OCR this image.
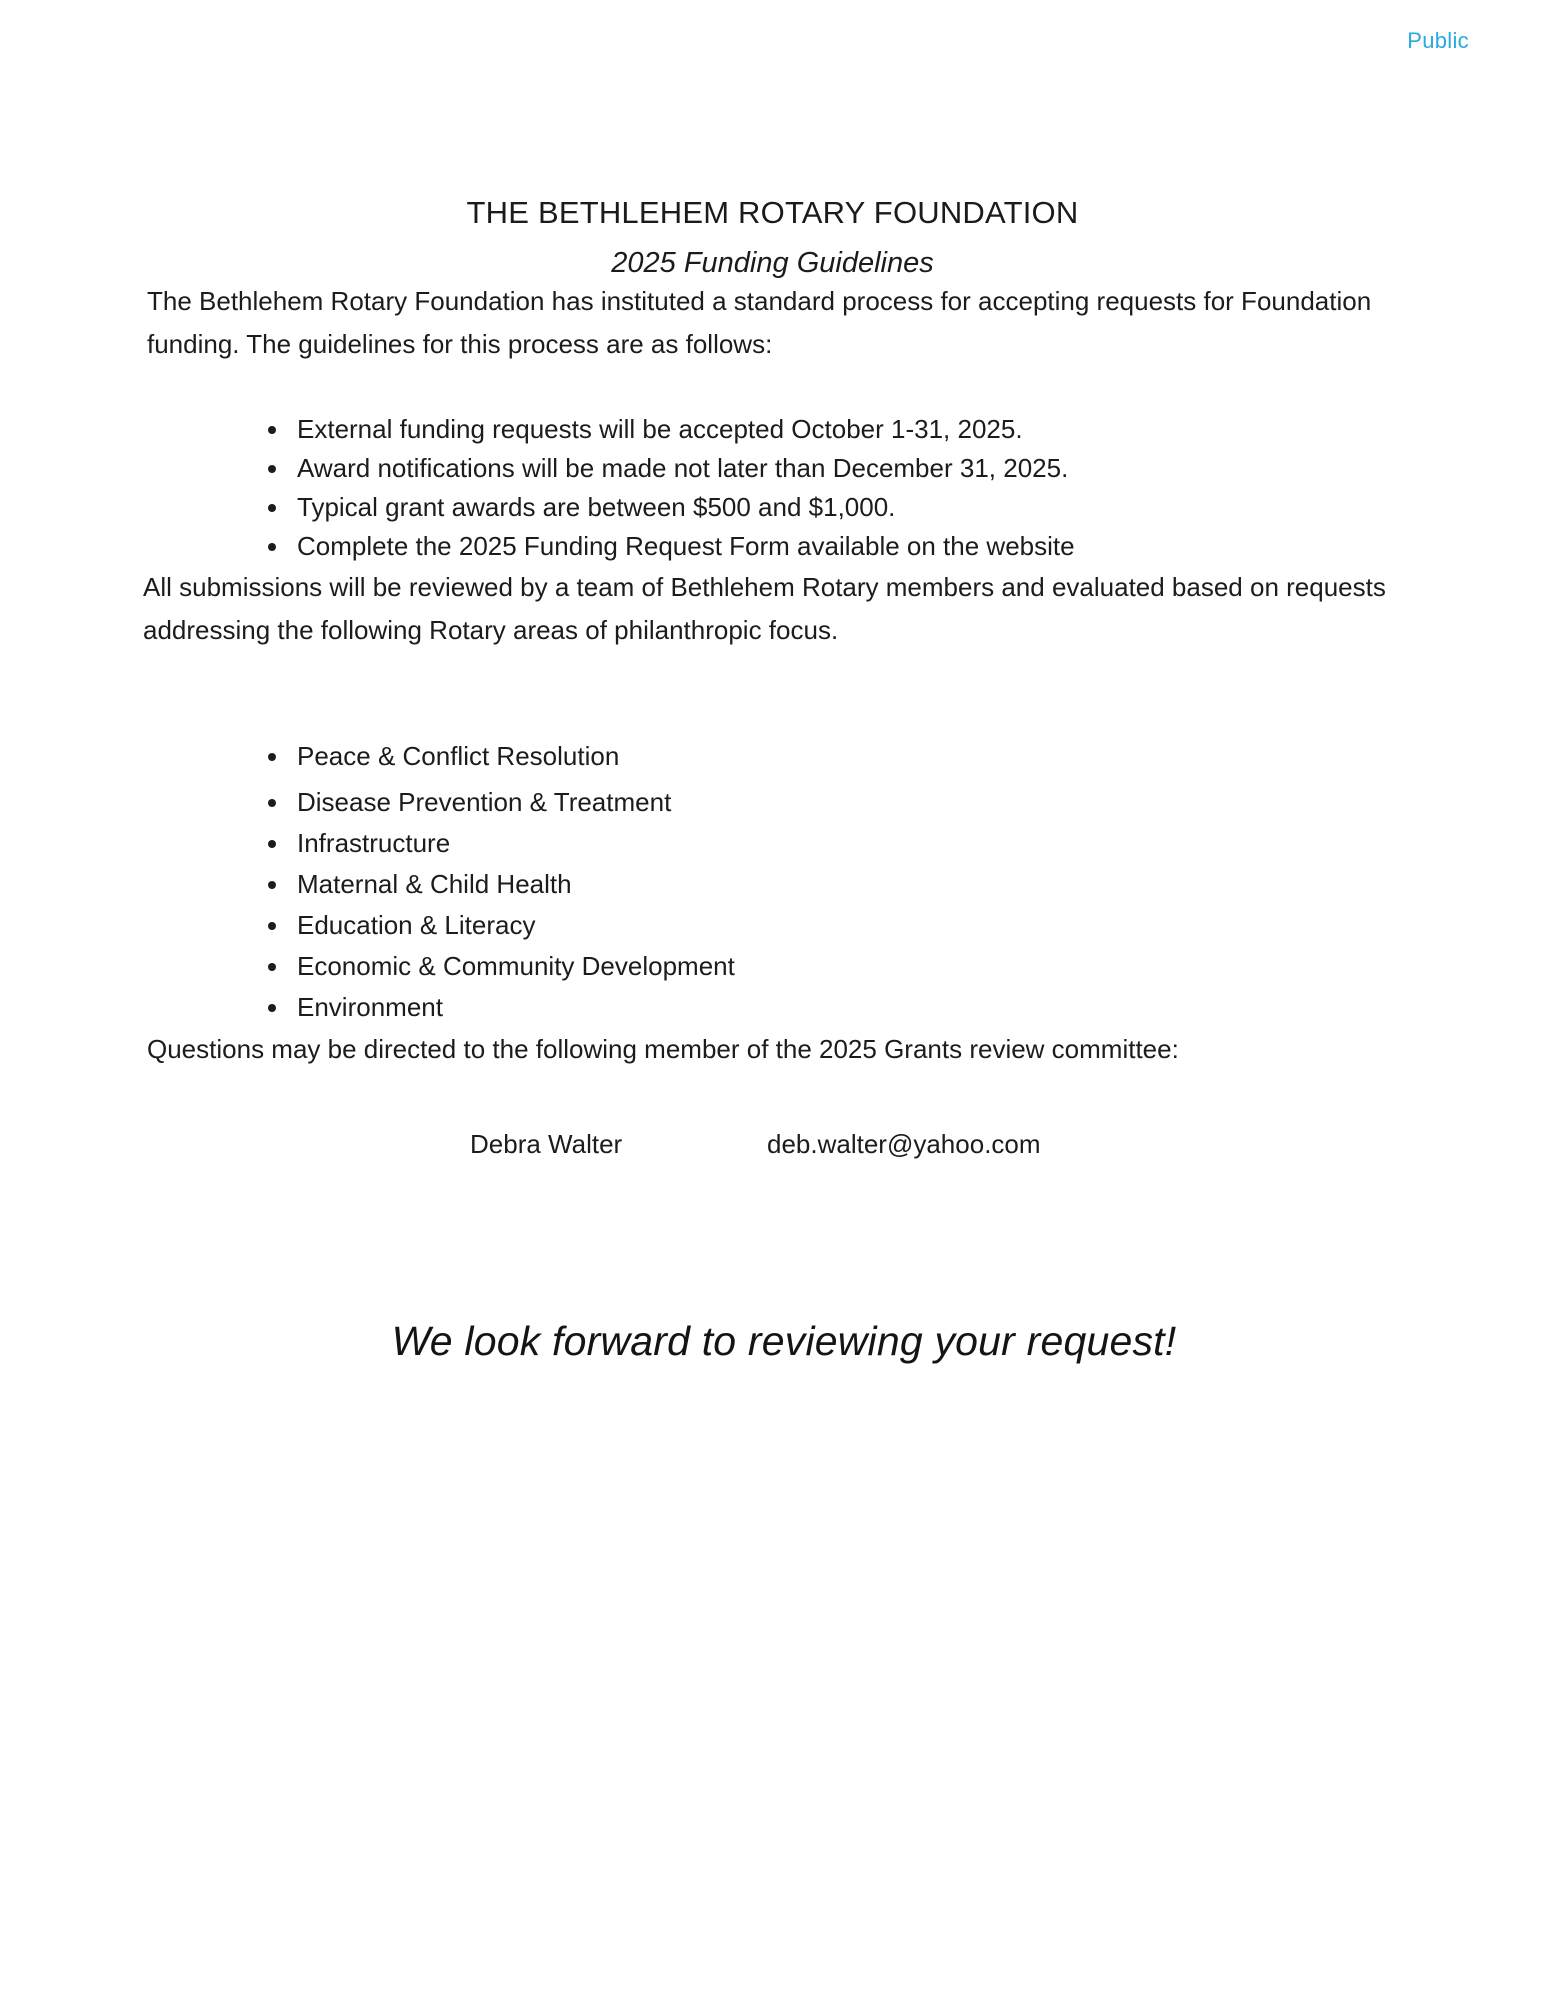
Public
THE BETHLEHEM ROTARY FOUNDATION
2025 Funding Guidelines

The Bethlehem Rotary Foundation has instituted a standard process for accepting requests for Foundation funding. The guidelines for this process are as follows:

• External funding requests will be accepted October 1-31, 2025.
• Award notifications will be made not later than December 31, 2025.
• Typical grant awards are between $500 and $1,000.
• Complete the 2025 Funding Request Form available on the website

All submissions will be reviewed by a team of Bethlehem Rotary members and evaluated based on requests addressing the following Rotary areas of philanthropic focus.

• Peace & Conflict Resolution
• Disease Prevention & Treatment
• Infrastructure
• Maternal & Child Health
• Education & Literacy
• Economic & Community Development
• Environment

Questions may be directed to the following member of the 2025 Grants review committee:

Debra Walter	deb.walter@yahoo.com

We look forward to reviewing your request!
